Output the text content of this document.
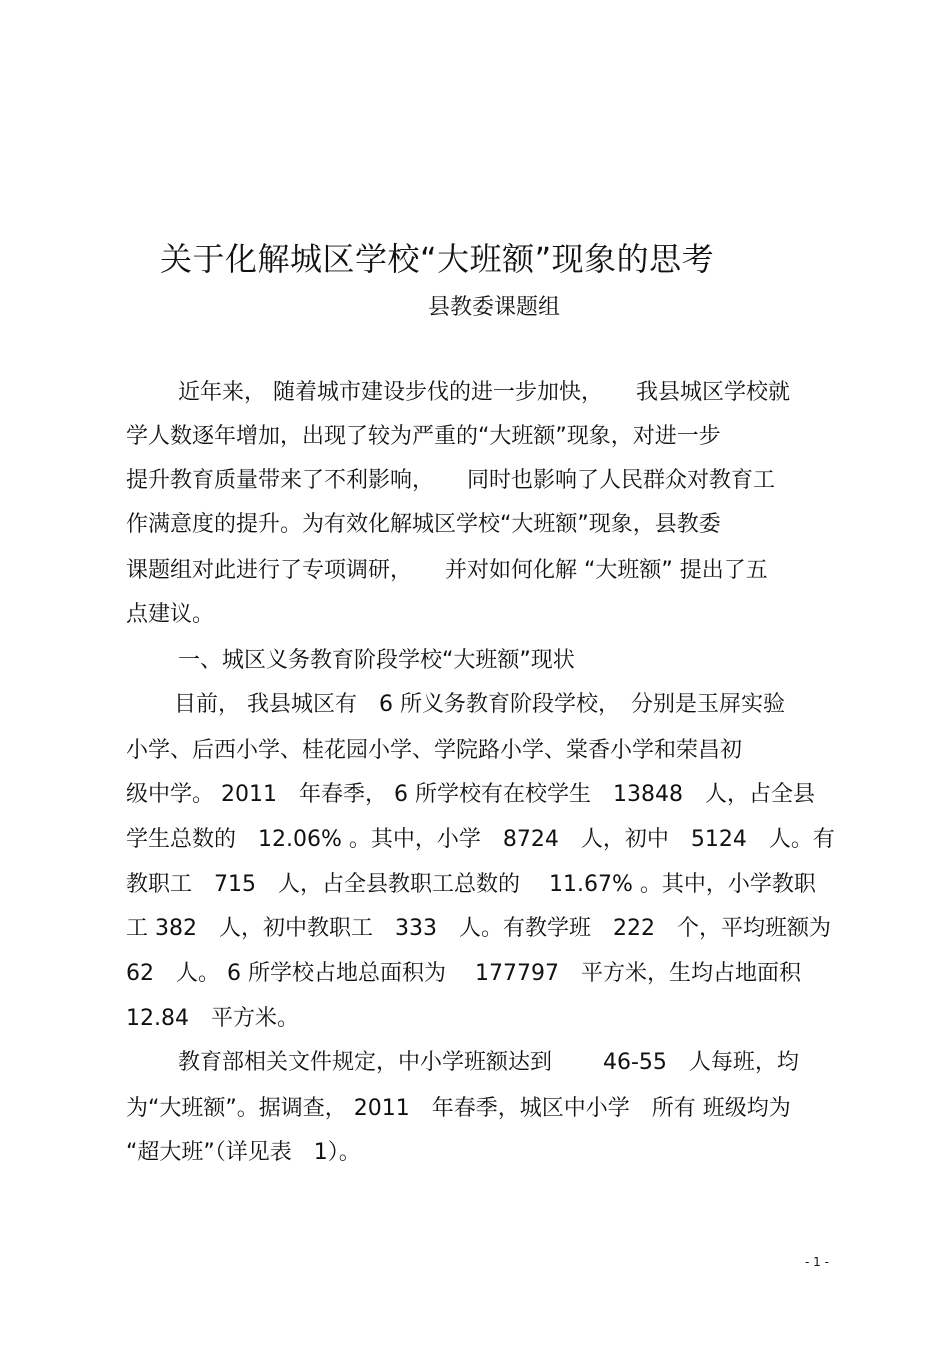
关于化解城区学校“大班额”现象的思考
县教委课题组
近年来， 随着城市建设步伐的进一步加快，　　我县城区学校就
学人数逐年增加，出现了较为严重的“大班额”现象，对进一步
提升教育质量带来了不利影响，　　同时也影响了人民群众对教育工
作满意度的提升。为有效化解城区学校“大班额”现象，县教委
课题组对此进行了专项调研，　　并对如何化解 “大班额” 提出了五
点建议。
一、城区义务教育阶段学校“大班额”现状
目前， 我县城区有　6 所义务教育阶段学校，　分别是玉屏实验
小学、后西小学、桂花园小学、学院路小学、棠香小学和荣昌初
级中学。 2011　年春季， 6 所学校有在校学生　13848　人，占全县
学生总数的　12.06% 。其中，小学　8724　人，初中　5124　人。有
教职工　715　人，占全县教职工总数的　 11.67% 。其中，小学教职
工 382　人，初中教职工　333　人。有教学班　222　个，平均班额为
62　人。 6 所学校占地总面积为　 177797　平方米，生均占地面积
12.84　平方米。
教育部相关文件规定，中小学班额达到　　 46-55　人每班，均
为“大班额”。据调查， 2011　年春季，城区中小学　所有 班级均为
“超大班”（详见表　1）。
- 1 -
